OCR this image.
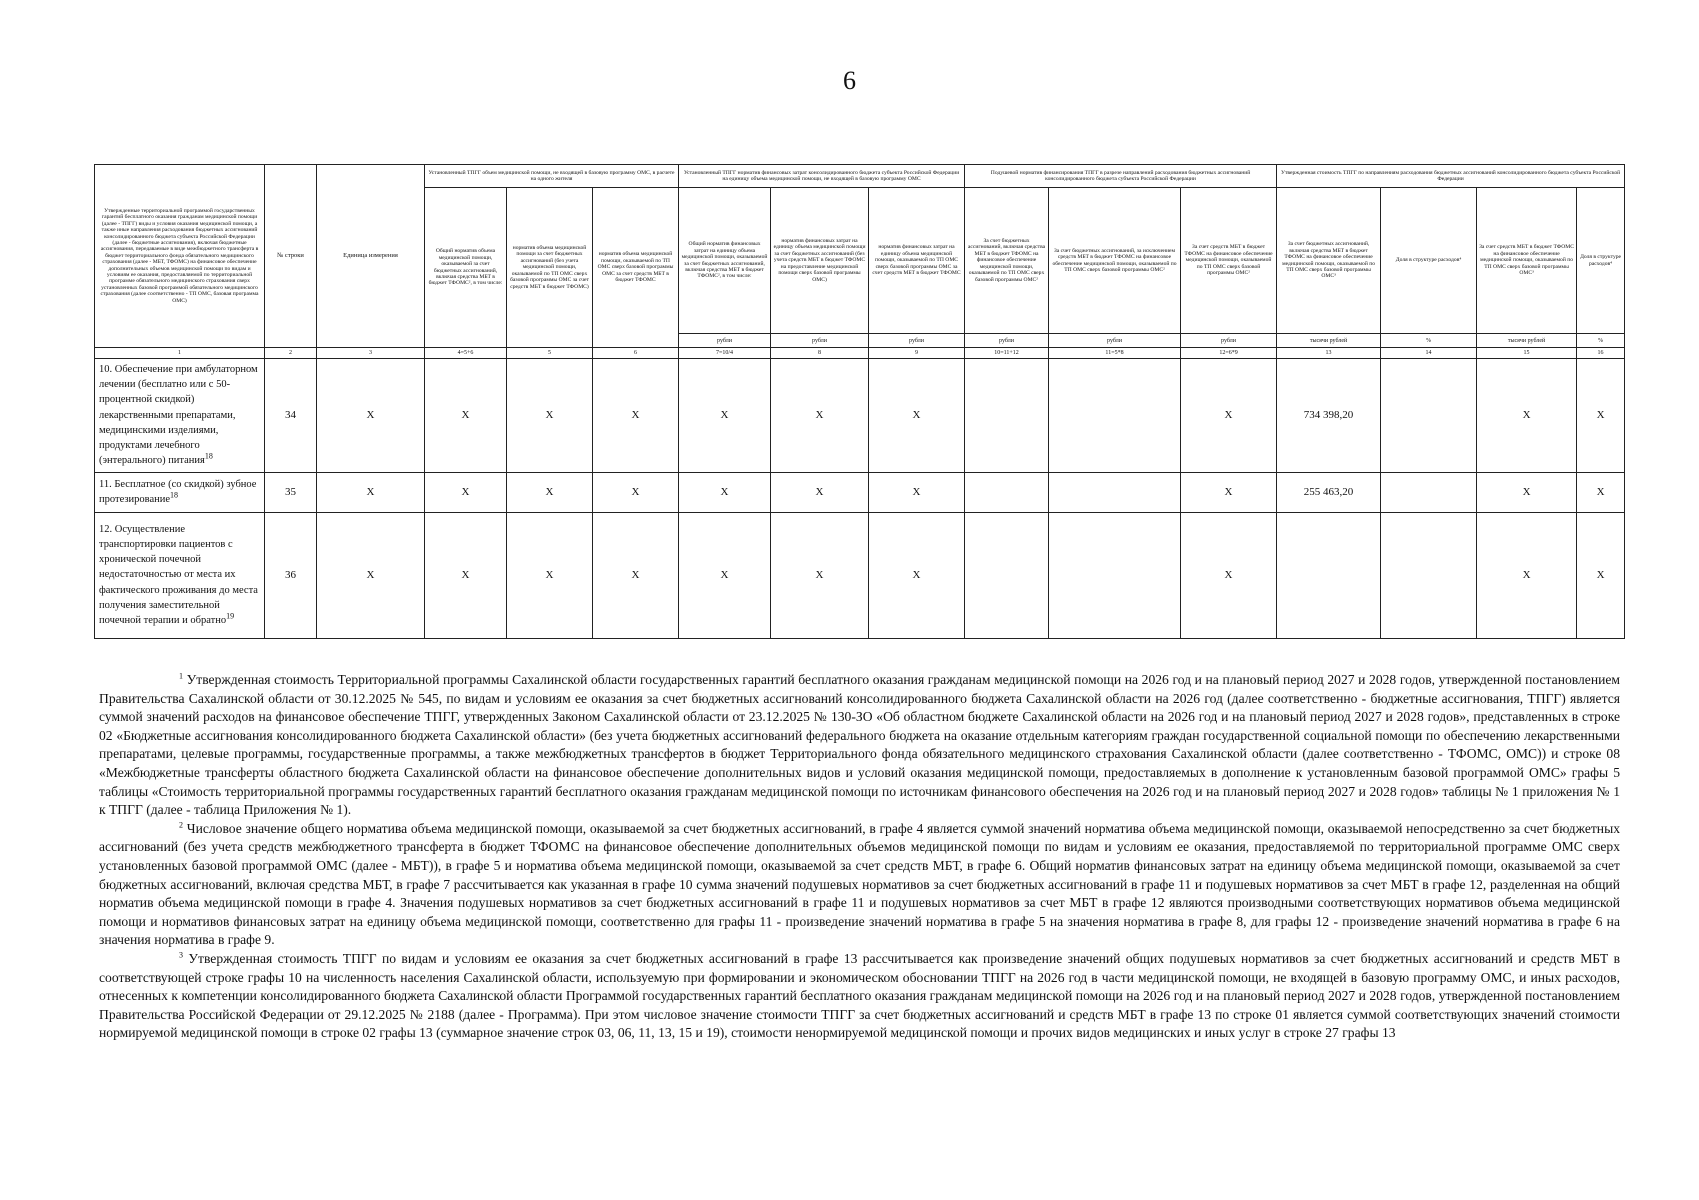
6
Утвержденные территориальной программой государственных гарантий бесплатного оказания гражданам медицинской помощи (далее - ТПГГ) виды и условия оказания медицинской помощи, а также иные направления расходования бюджетных ассигнований консолидированного бюджета субъекта Российской Федерации (далее - бюджетные ассигнования), включая бюджетные ассигнования, передаваемые в виде межбюджетного трансферта в бюджет территориального фонда обязательного медицинского страхования (далее - МБТ, ТФОМС) на финансовое обеспечение дополнительных объемов медицинской помощи по видам и условиям ее оказания, предоставляемой по территориальной программе обязательного медицинского страхования сверх установленных базовой программой обязательного медицинского страхования (далее соответственно - ТП ОМС, базовая программа ОМС)	№ строки	Единица измерения	Установленный ТПГГ объем медицинской помощи, не входящей в базовую программу ОМС, в расчете на одного жителя			Установленный ТПГГ норматив финансовых затрат консолидированного бюджета субъекта Российской Федерации на единицу объема медицинской помощи, не входящей в базовую программу ОМС			Подушевой норматив финансирования ТПГГ в разрезе направлений расходования бюджетных ассигнований консолидированного бюджета субъекта Российской Федерации			Утвержденная стоимость ТПГГ по направлениям расходования бюджетных ассигнований консолидированного бюджета субъекта Российской Федерации			
			Общий норматив объема медицинской помощи, оказываемой за счет бюджетных ассигнований, включая средства МБТ в бюджет ТФОМС², в том числе:	норматив объема медицинской помощи за счет бюджетных ассигнований (без учета медицинской помощи, оказываемой по ТП ОМС сверх базовой программы ОМС за счет средств МБТ в бюджет ТФОМС)	норматив объема медицинской помощи, оказываемой по ТП ОМС сверх базовой программы ОМС за счет средств МБТ в бюджет ТФОМС	Общий норматив финансовых затрат на единицу объема медицинской помощи, оказываемой за счет бюджетных ассигнований, включая средства МБТ в бюджет ТФОМС², в том числе:	норматив финансовых затрат на единицу объема медицинской помощи за счет бюджетных ассигнований (без учета средств МБТ в бюджет ТФОМС на предоставление медицинской помощи сверх базовой программы ОМС)	норматив финансовых затрат на единицу объема медицинской помощи, оказываемой по ТП ОМС сверх базовой программы ОМС за счет средств МБТ в бюджет ТФОМС	За счет бюджетных ассигнований, включая средства МБТ в бюджет ТФОМС на финансовое обеспечение медицинской помощи, оказываемой по ТП ОМС сверх базовой программы ОМС²	За счет бюджетных ассигнований, за исключением средств МБТ в бюджет ТФОМС на финансовое обеспечение медицинской помощи, оказываемой по ТП ОМС сверх базовой программы ОМС²	За счет средств МБТ в бюджет ТФОМС на финансовое обеспечение медицинской помощи, оказываемой по ТП ОМС сверх базовой программы ОМС²	За счет бюджетных ассигнований, включая средства МБТ в бюджет ТФОМС на финансовое обеспечение медицинской помощи, оказываемой по ТП ОМС сверх базовой программы ОМС³	Доля в структуре расходов⁴	За счет средств МБТ в бюджет ТФОМС на финансовое обеспечение медицинской помощи, оказываемой по ТП ОМС сверх базовой программы ОМС³	Доля в структуре расходов⁴
						рубли	рубли	рубли	рубли	рубли	рубли	тысячи рублей	%	тысячи рублей	%
1	2	3	4=5+6	5	6	7=10/4	8	9	10=11+12	11=5*8	12=6*9	13	14	15	16
10. Обеспечение при амбулаторном лечении (бесплатно или с 50- процентной скидкой) лекарственными препаратами, медицинскими изделиями, продуктами лечебного (энтерального) питания$^{18}$	34	Х	Х	Х	Х	Х	Х	Х			Х	734 398,20		Х	Х
11. Бесплатное (со скидкой) зубное протезирование$^{18}$	35	Х	Х	Х	Х	Х	Х	Х			Х	255 463,20		Х	Х
12. Осуществление транспортировки пациентов с хронической почечной недостаточностью от места их фактического проживания до места получения заместительной почечной терапии и обратно$^{19}$	36	Х	Х	Х	Х	Х	Х	Х			Х			Х	Х

$^1$ Утвержденная стоимость Территориальной программы Сахалинской области государственных гарантий бесплатного оказания гражданам медицинской помощи на 2026 год и на плановый период 2027 и 2028 годов, утвержденной постановлением Правительства Сахалинской области от 30.12.2025 № 545, по видам и условиям ее оказания за счет бюджетных ассигнований консолидированного бюджета Сахалинской области на 2026 год (далее соответственно - бюджетные ассигнования, ТПГГ) является суммой значений расходов на финансовое обеспечение ТПГГ, утвержденных Законом Сахалинской области от 23.12.2025 № 130-ЗО «Об областном бюджете Сахалинской области на 2026 год и на плановый период 2027 и 2028 годов», представленных в строке 02 «Бюджетные ассигнования консолидированного бюджета Сахалинской области» (без учета бюджетных ассигнований федерального бюджета на оказание отдельным категориям граждан государственной социальной помощи по обеспечению лекарственными препаратами, целевые программы, государственные программы, а также межбюджетных трансфертов в бюджет Территориального фонда обязательного медицинского страхования Сахалинской области (далее соответственно - ТФОМС, ОМС)) и строке 08 «Межбюджетные трансферты областного бюджета Сахалинской области на финансовое обеспечение дополнительных видов и условий оказания медицинской помощи, предоставляемых в дополнение к установленным базовой программой ОМС» графы 5 таблицы «Стоимость территориальной программы государственных гарантий бесплатного оказания гражданам медицинской помощи по источникам финансового обеспечения на 2026 год и на плановый период 2027 и 2028 годов» таблицы № 1 приложения № 1 к ТПГГ (далее - таблица Приложения № 1).

$^2$ Числовое значение общего норматива объема медицинской помощи, оказываемой за счет бюджетных ассигнований, в графе 4 является суммой значений норматива объема медицинской помощи, оказываемой непосредственно за счет бюджетных ассигнований (без учета средств межбюджетного трансферта в бюджет ТФОМС на финансовое обеспечение дополнительных объемов медицинской помощи по видам и условиям ее оказания, предоставляемой по территориальной программе ОМС сверх установленных базовой программой ОМС (далее - МБТ)), в графе 5 и норматива объема медицинской помощи, оказываемой за счет средств МБТ, в графе 6. Общий норматив финансовых затрат на единицу объема медицинской помощи, оказываемой за счет бюджетных ассигнований, включая средства МБТ, в графе 7 рассчитывается как указанная в графе 10 сумма значений подушевых нормативов за счет бюджетных ассигнований в графе 11 и подушевых нормативов за счет МБТ в графе 12, разделенная на общий норматив объема медицинской помощи в графе 4. Значения подушевых нормативов за счет бюджетных ассигнований в графе 11 и подушевых нормативов за счет МБТ в графе 12 являются производными соответствующих нормативов объема медицинской помощи и нормативов финансовых затрат на единицу объема медицинской помощи, соответственно для графы 11 - произведение значений норматива в графе 5 на значения норматива в графе 8, для графы 12 - произведение значений норматива в графе 6 на значения норматива в графе 9.

$^3$ Утвержденная стоимость ТПГГ по видам и условиям ее оказания за счет бюджетных ассигнований в графе 13 рассчитывается как произведение значений общих подушевых нормативов за счет бюджетных ассигнований и средств МБТ в соответствующей строке графы 10 на численность населения Сахалинской области, используемую при формировании и экономическом обосновании ТПГГ на 2026 год в части медицинской помощи, не входящей в базовую программу ОМС, и иных расходов, отнесенных к компетенции консолидированного бюджета Сахалинской области Программой государственных гарантий бесплатного оказания гражданам медицинской помощи на 2026 год и на плановый период 2027 и 2028 годов, утвержденной постановлением Правительства Российской Федерации от 29.12.2025 № 2188 (далее - Программа). При этом числовое значение стоимости ТПГГ за счет бюджетных ассигнований и средств МБТ в графе 13 по строке 01 является суммой соответствующих значений стоимости нормируемой медицинской помощи в строке 02 графы 13 (суммарное значение строк 03, 06, 11, 13, 15 и 19), стоимости ненормируемой медицинской помощи и прочих видов медицинских и иных услуг в строке 27 графы 13
